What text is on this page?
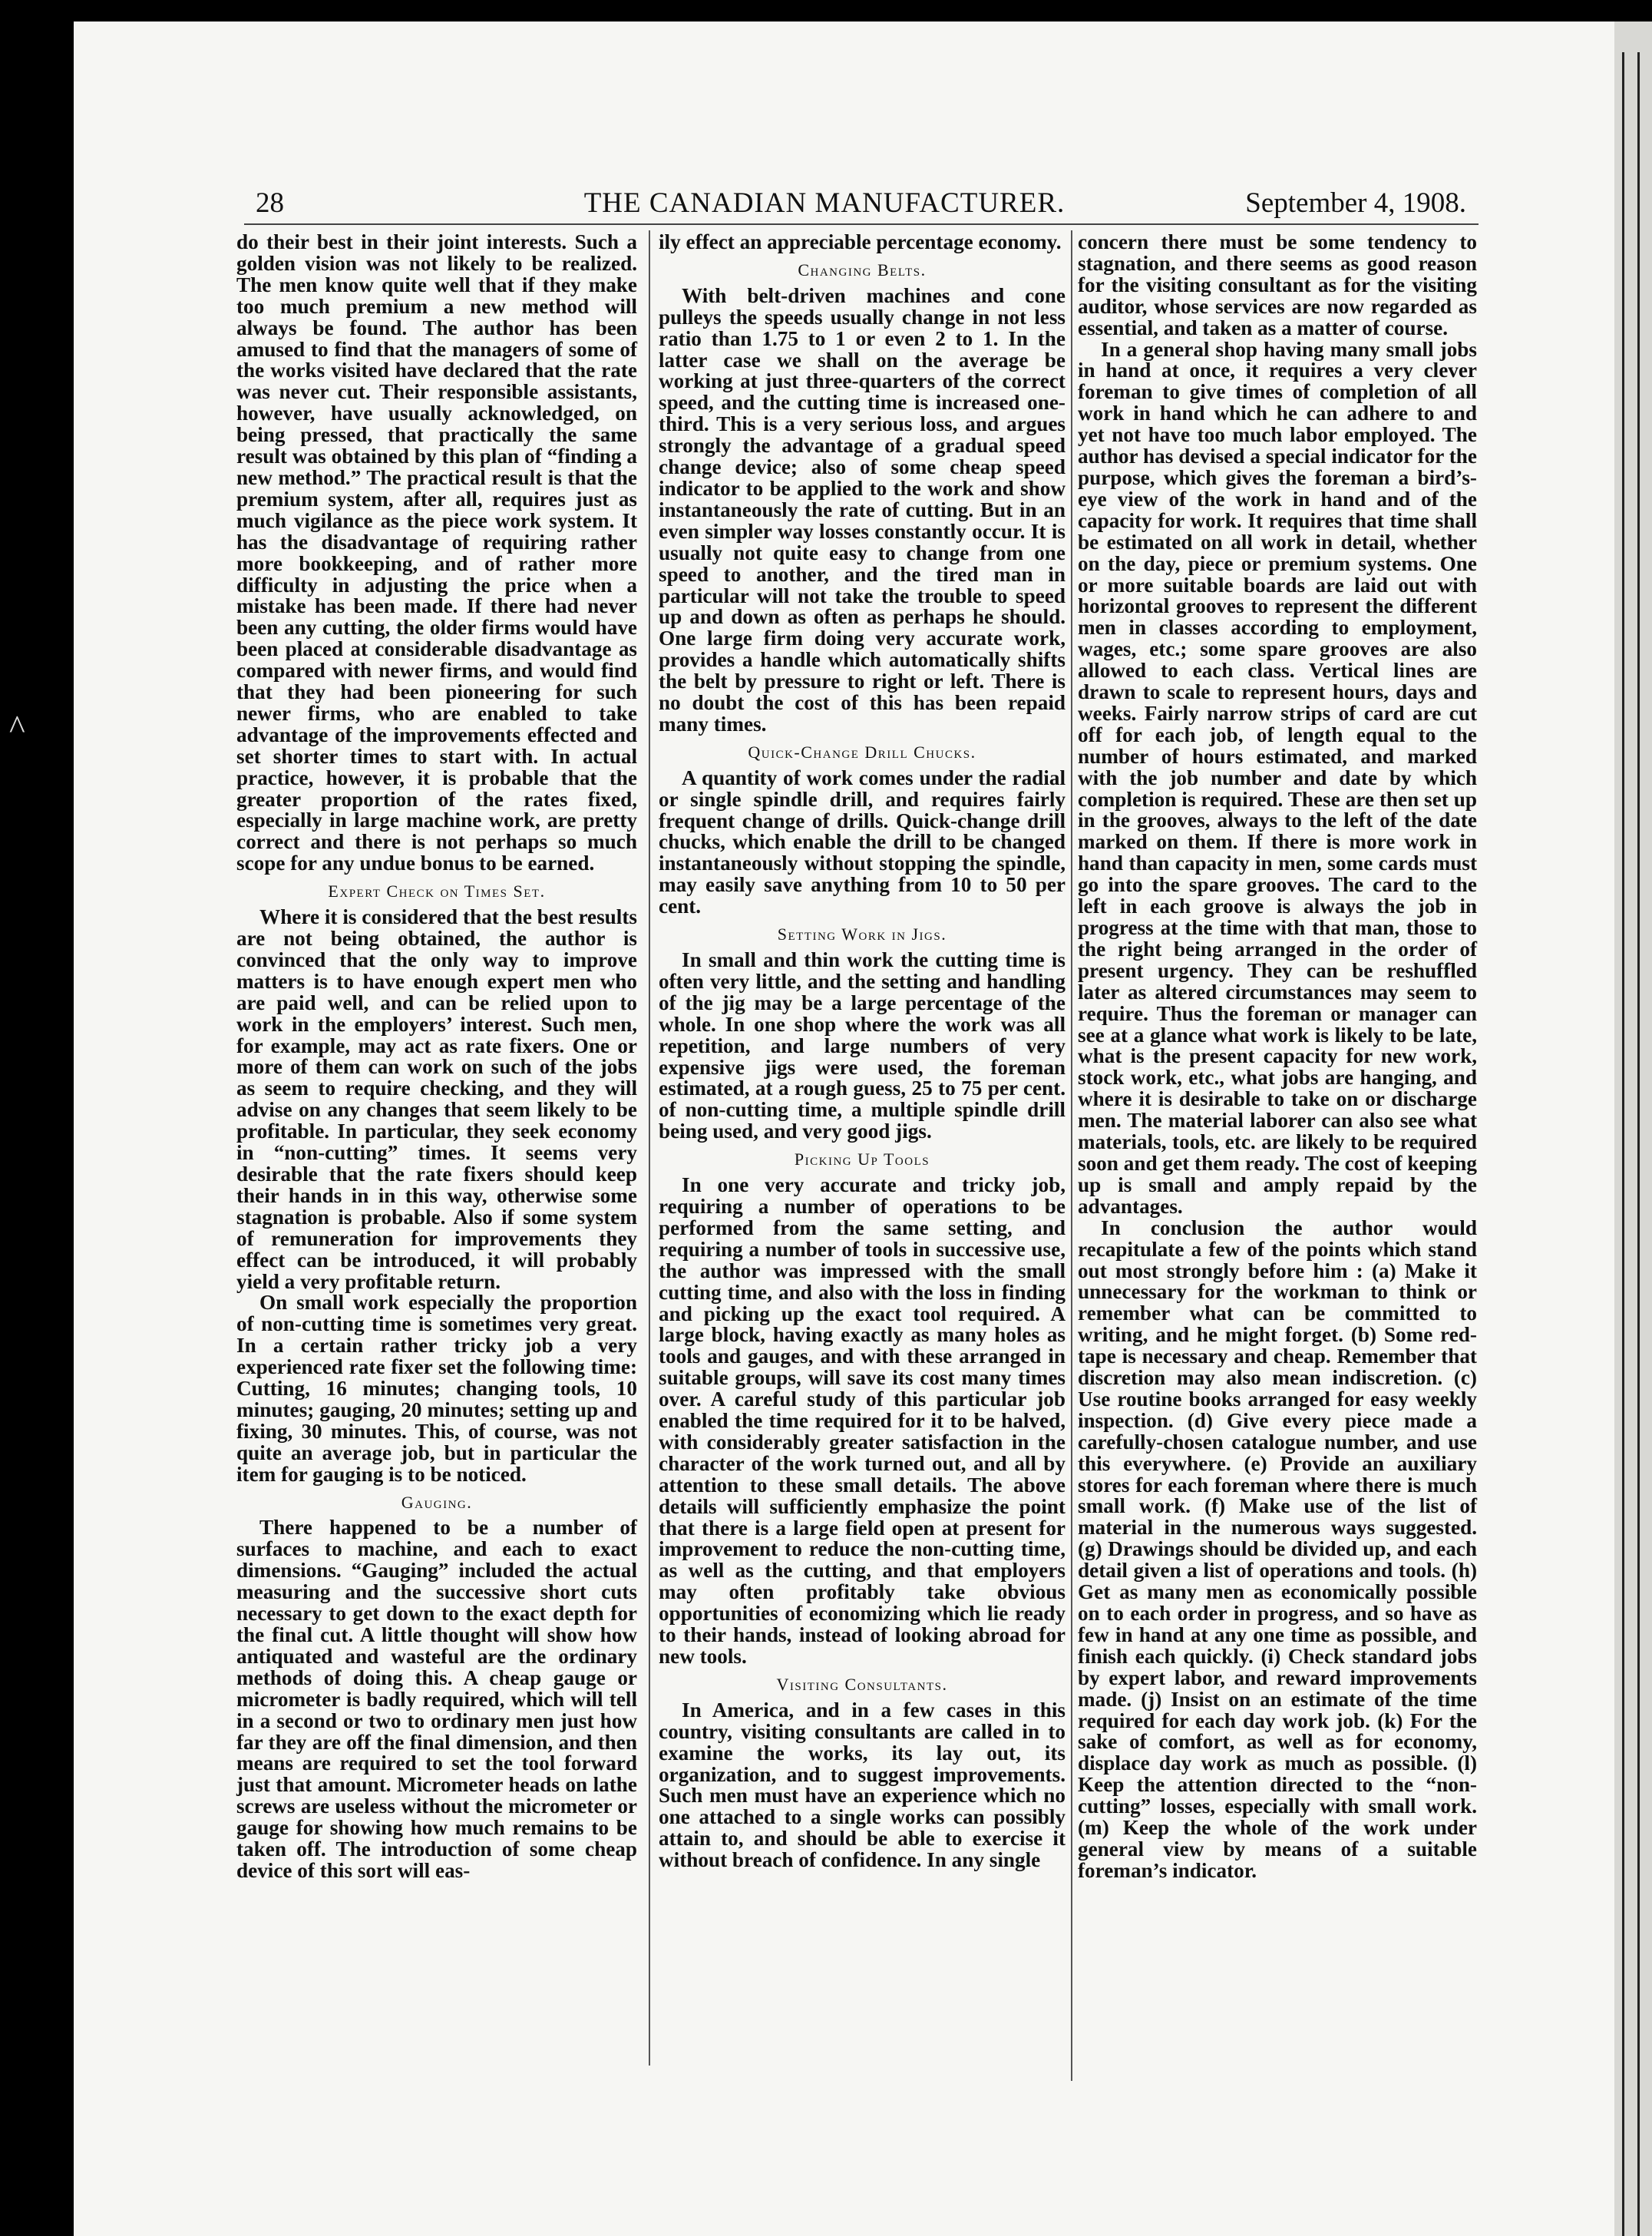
^
28	THE CANADIAN MANUFACTURER.	September 4, 1908.

do their best in their joint interests. Such a golden vision was not likely to be realized. The men know quite well that if they make too much premium a new method will always be found. The author has been amused to find that the managers of some of the works visited have declared that the rate was never cut. Their responsible assistants, however, have usually acknowledged, on being pressed, that practically the same result was obtained by this plan of “finding a new method.” The practical result is that the premium system, after all, requires just as much vigilance as the piece work system. It has the disadvantage of requiring rather more bookkeeping, and of rather more difficulty in adjusting the price when a mistake has been made. If there had never been any cutting, the older firms would have been placed at considerable disadvantage as compared with newer firms, and would find that they had been pioneering for such newer firms, who are enabled to take advantage of the improvements effected and set shorter times to start with. In actual practice, however, it is probable that the greater proportion of the rates fixed, especially in large machine work, are pretty correct and there is not perhaps so much scope for any undue bonus to be earned.

Expert Check on Times Set.

Where it is considered that the best results are not being obtained, the author is convinced that the only way to improve matters is to have enough expert men who are paid well, and can be relied upon to work in the employers’ interest. Such men, for example, may act as rate fixers. One or more of them can work on such of the jobs as seem to require checking, and they will advise on any changes that seem likely to be profitable. In particular, they seek economy in “non-cutting” times. It seems very desirable that the rate fixers should keep their hands in in this way, otherwise some stagnation is probable. Also if some system of remuneration for improvements they effect can be introduced, it will probably yield a very profitable return.

On small work especially the proportion of non-cutting time is sometimes very great. In a certain rather tricky job a very experienced rate fixer set the following time: Cutting, 16 minutes; changing tools, 10 minutes; gauging, 20 minutes; setting up and fixing, 30 minutes. This, of course, was not quite an average job, but in particular the item for gauging is to be noticed.

Gauging.

There happened to be a number of surfaces to machine, and each to exact dimensions. “Gauging” included the actual measuring and the successive short cuts necessary to get down to the exact depth for the final cut. A little thought will show how antiquated and wasteful are the ordinary methods of doing this. A cheap gauge or micrometer is badly required, which will tell in a second or two to ordinary men just how far they are off the final dimension, and then means are required to set the tool forward just that amount. Micrometer heads on lathe screws are useless without the micrometer or gauge for showing how much remains to be taken off. The introduction of some cheap device of this sort will eas-

ily effect an appreciable percentage economy.

Changing Belts.

With belt-driven machines and cone pulleys the speeds usually change in not less ratio than 1.75 to 1 or even 2 to 1. In the latter case we shall on the average be working at just three-quarters of the correct speed, and the cutting time is increased one-third. This is a very serious loss, and argues strongly the advantage of a gradual speed change device; also of some cheap speed indicator to be applied to the work and show instantaneously the rate of cutting. But in an even simpler way losses constantly occur. It is usually not quite easy to change from one speed to another, and the tired man in particular will not take the trouble to speed up and down as often as perhaps he should. One large firm doing very accurate work, provides a handle which automatically shifts the belt by pressure to right or left. There is no doubt the cost of this has been repaid many times.

Quick-Change Drill Chucks.

A quantity of work comes under the radial or single spindle drill, and requires fairly frequent change of drills. Quick-change drill chucks, which enable the drill to be changed instantaneously without stopping the spindle, may easily save anything from 10 to 50 per cent.

Setting Work in Jigs.

In small and thin work the cutting time is often very little, and the setting and handling of the jig may be a large percentage of the whole. In one shop where the work was all repetition, and large numbers of very expensive jigs were used, the foreman estimated, at a rough guess, 25 to 75 per cent. of non-cutting time, a multiple spindle drill being used, and very good jigs.

Picking Up Tools

In one very accurate and tricky job, requiring a number of operations to be performed from the same setting, and requiring a number of tools in successive use, the author was impressed with the small cutting time, and also with the loss in finding and picking up the exact tool required. A large block, having exactly as many holes as tools and gauges, and with these arranged in suitable groups, will save its cost many times over. A careful study of this particular job enabled the time required for it to be halved, with considerably greater satisfaction in the character of the work turned out, and all by attention to these small details. The above details will sufficiently emphasize the point that there is a large field open at present for improvement to reduce the non-cutting time, as well as the cutting, and that employers may often profitably take obvious opportunities of economizing which lie ready to their hands, instead of looking abroad for new tools.

Visiting Consultants.

In America, and in a few cases in this country, visiting consultants are called in to examine the works, its lay out, its organization, and to suggest improvements. Such men must have an experience which no one attached to a single works can possibly attain to, and should be able to exercise it without breach of confidence. In any single

concern there must be some tendency to stagnation, and there seems as good reason for the visiting consultant as for the visiting auditor, whose services are now regarded as essential, and taken as a matter of course.

In a general shop having many small jobs in hand at once, it requires a very clever foreman to give times of completion of all work in hand which he can adhere to and yet not have too much labor employed. The author has devised a special indicator for the purpose, which gives the foreman a bird’s-eye view of the work in hand and of the capacity for work. It requires that time shall be estimated on all work in detail, whether on the day, piece or premium systems. One or more suitable boards are laid out with horizontal grooves to represent the different men in classes according to employment, wages, etc.; some spare grooves are also allowed to each class. Vertical lines are drawn to scale to represent hours, days and weeks. Fairly narrow strips of card are cut off for each job, of length equal to the number of hours estimated, and marked with the job number and date by which completion is required. These are then set up in the grooves, always to the left of the date marked on them. If there is more work in hand than capacity in men, some cards must go into the spare grooves. The card to the left in each groove is always the job in progress at the time with that man, those to the right being arranged in the order of present urgency. They can be reshuffled later as altered circumstances may seem to require. Thus the foreman or manager can see at a glance what work is likely to be late, what is the present capacity for new work, stock work, etc., what jobs are hanging, and where it is desirable to take on or discharge men. The material laborer can also see what materials, tools, etc. are likely to be required soon and get them ready. The cost of keeping up is small and amply repaid by the advantages.

In conclusion the author would recapitulate a few of the points which stand out most strongly before him : (a) Make it unnecessary for the workman to think or remember what can be committed to writing, and he might forget. (b) Some red-tape is necessary and cheap. Remember that discretion may also mean indiscretion. (c) Use routine books arranged for easy weekly inspection. (d) Give every piece made a carefully-chosen catalogue number, and use this everywhere. (e) Provide an auxiliary stores for each foreman where there is much small work. (f) Make use of the list of material in the numerous ways suggested. (g) Drawings should be divided up, and each detail given a list of operations and tools. (h) Get as many men as economically possible on to each order in progress, and so have as few in hand at any one time as possible, and finish each quickly. (i) Check standard jobs by expert labor, and reward improvements made. (j) Insist on an estimate of the time required for each day work job. (k) For the sake of comfort, as well as for economy, displace day work as much as possible. (l) Keep the attention directed to the “non-cutting” losses, especially with small work. (m) Keep the whole of the work under general view by means of a suitable foreman’s indicator.
